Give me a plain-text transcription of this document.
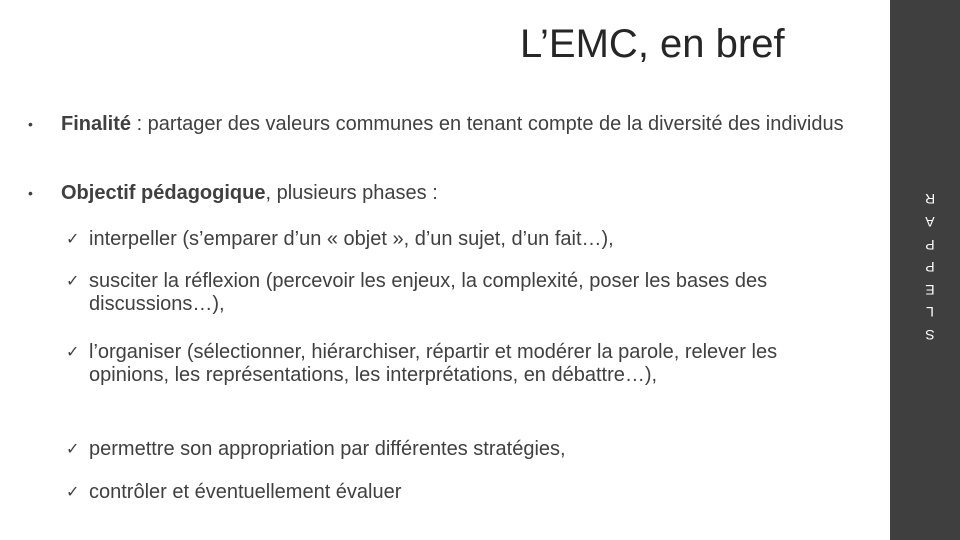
L’EMC, en bref
• Finalité : partager des valeurs communes en tenant compte de la diversité des individus
• Objectif pédagogique, plusieurs phases :
✓ interpeller (s’emparer d’un « objet », d’un sujet, d’un fait…),
✓ susciter la réflexion (percevoir les enjeux, la complexité, poser les bases des discussions…),
✓ l’organiser (sélectionner, hiérarchiser, répartir et modérer la parole, relever les opinions, les représentations, les interprétations, en débattre…),
✓ permettre son appropriation par différentes stratégies,
✓ contrôler et éventuellement évaluer
S
L
E
P
P
A
R
